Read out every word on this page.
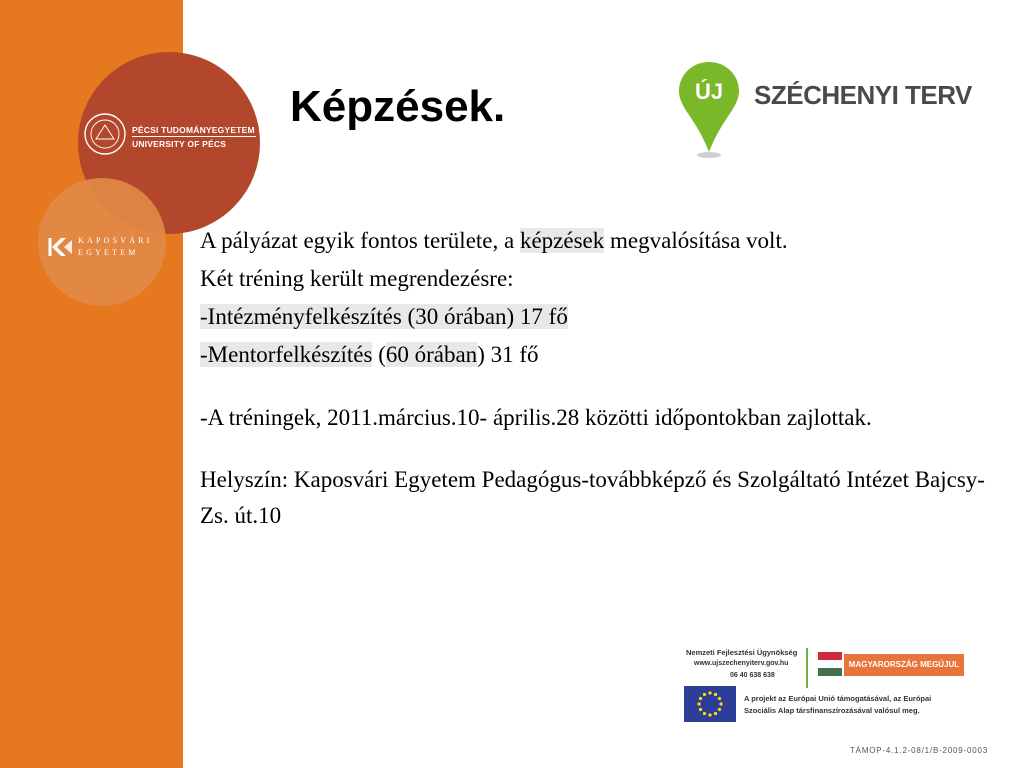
PÉCSI TUDOMÁNYEGYETEM
UNIVERSITY OF PÉCS
KAPOSVÁRI
EGYETEM
Képzések.	ÚJ SZÉCHENYI TERV

A pályázat egyik fontos területe, a képzések megvalósítása volt.

Két tréning került megrendezésre:

-Intézményfelkészítés (30 órában) 17 fő

-Mentorfelkészítés (60 órában) 31 fő

-A tréningek, 2011.március.10- április.28 közötti időpontokban zajlottak.

Helyszín: Kaposvári Egyetem Pedagógus-továbbképző és Szolgáltató Intézet Bajcsy-Zs. út.10

Nemzeti Fejlesztési Ügynökség
www.ujszechenyiterv.gov.hu
06 40 638 638
MAGYARORSZÁG MEGÚJUL
A projekt az Európai Unió támogatásával, az Európai
Szociális Alap társfinanszírozásával valósul meg.
TÁMOP-4.1.2-08/1/B-2009-0003
